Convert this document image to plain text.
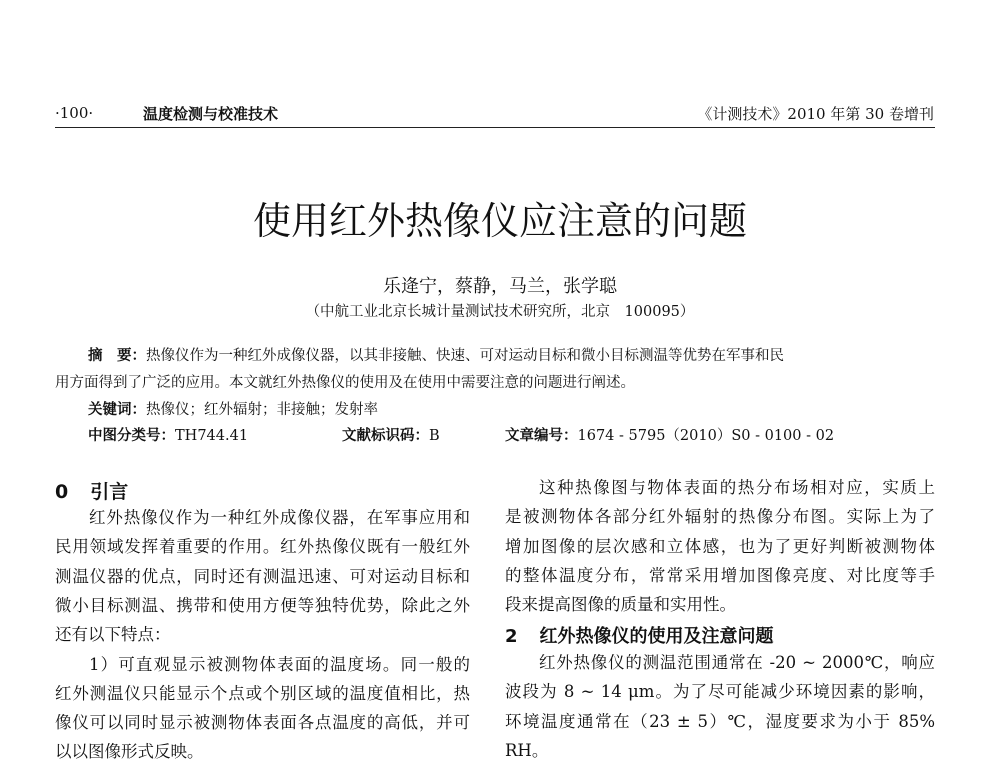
·100·	温度检测与校准技术	《计测技术》2010 年第 30 卷增刊
使用红外热像仪应注意的问题
乐逄宁，蔡静，马兰，张学聪
（中航工业北京长城计量测试技术研究所，北京　100095）
摘　要：热像仪作为一种红外成像仪器，以其非接触、快速、可对运动目标和微小目标测温等优势在军事和民
用方面得到了广泛的应用。本文就红外热像仪的使用及在使用中需要注意的问题进行阐述。
关键词：热像仪；红外辐射；非接触；发射率
中图分类号：TH744.41	文献标识码：B	文章编号：1674 - 5795（2010）S0 - 0100 - 02
0 引言
红外热像仪作为一种红外成像仪器，在军事应用和
民用领域发挥着重要的作用。红外热像仪既有一般红外
测温仪器的优点，同时还有测温迅速、可对运动目标和
微小目标测温、携带和使用方便等独特优势，除此之外
还有以下特点：
1）可直观显示被测物体表面的温度场。同一般的
红外测温仪只能显示个点或个别区域的温度值相比，热
像仪可以同时显示被测物体表面各点温度的高低，并可
以以图像形式反映。
这种热像图与物体表面的热分布场相对应，实质上
是被测物体各部分红外辐射的热像分布图。实际上为了
增加图像的层次感和立体感，也为了更好判断被测物体
的整体温度分布，常常采用增加图像亮度、对比度等手
段来提高图像的质量和实用性。
2 红外热像仪的使用及注意问题
红外热像仪的测温范围通常在 -20 ~ 2000℃，响应
波段为 8 ~ 14 μm。为了尽可能减少环境因素的影响，
环境温度通常在（23 ± 5）℃，湿度要求为小于 85%
RH。
